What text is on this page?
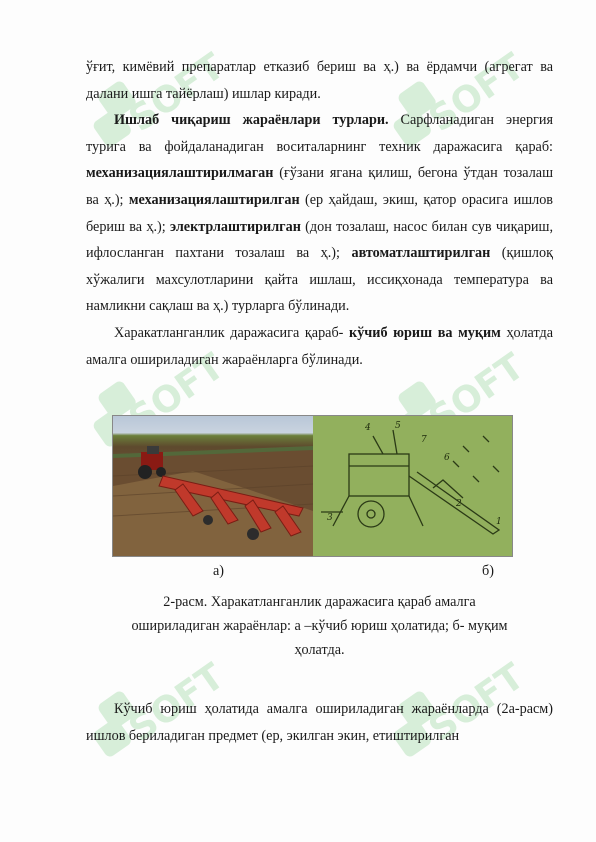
SOFT	SOFT
SOFT	SOFT
SOFT	SOFT

ўғит, кимёвий препаратлар етказиб бериш ва ҳ.) ва ёрдамчи (агрегат ва далани ишга тайёрлаш) ишлар киради.

Ишлаб чиқариш жараёнлари турлари. Сарфланадиган энергия турига ва фойдаланадиган воситаларнинг техник даражасига қараб: механизациялаштирилмаган (ғўзани ягана қилиш, бегона ўтдан тозалаш ва ҳ.); механизациялаштирилган (ер ҳайдаш, экиш, қатор орасига ишлов бериш ва ҳ.); электрлаштирилган (дон тозалаш, насос билан сув чиқариш, ифлосланган пахтани тозалаш ва ҳ.); автоматлаштирилган (қишлоқ хўжалиги махсулотларини қайта ишлаш, иссиқхонада температура ва намликни сақлаш ва ҳ.) турларга бўлинади.

Харакатланганлик даражасига қараб- кўчиб юриш ва муқим ҳолатда амалга ошириладиган жараёнларга бўлинади.

1
2
3
4	5
6
7
а)	б)
2-расм. Харакатланганлик даражасига қараб амалга
ошириладиган жараёнлар: а –кўчиб юриш ҳолатида; б- муқим
ҳолатда.

Кўчиб юриш ҳолатида амалга ошириладиган жараёнларда (2а-расм) ишлов бериладиган предмет (ер, экилган экин, етиштирилган
